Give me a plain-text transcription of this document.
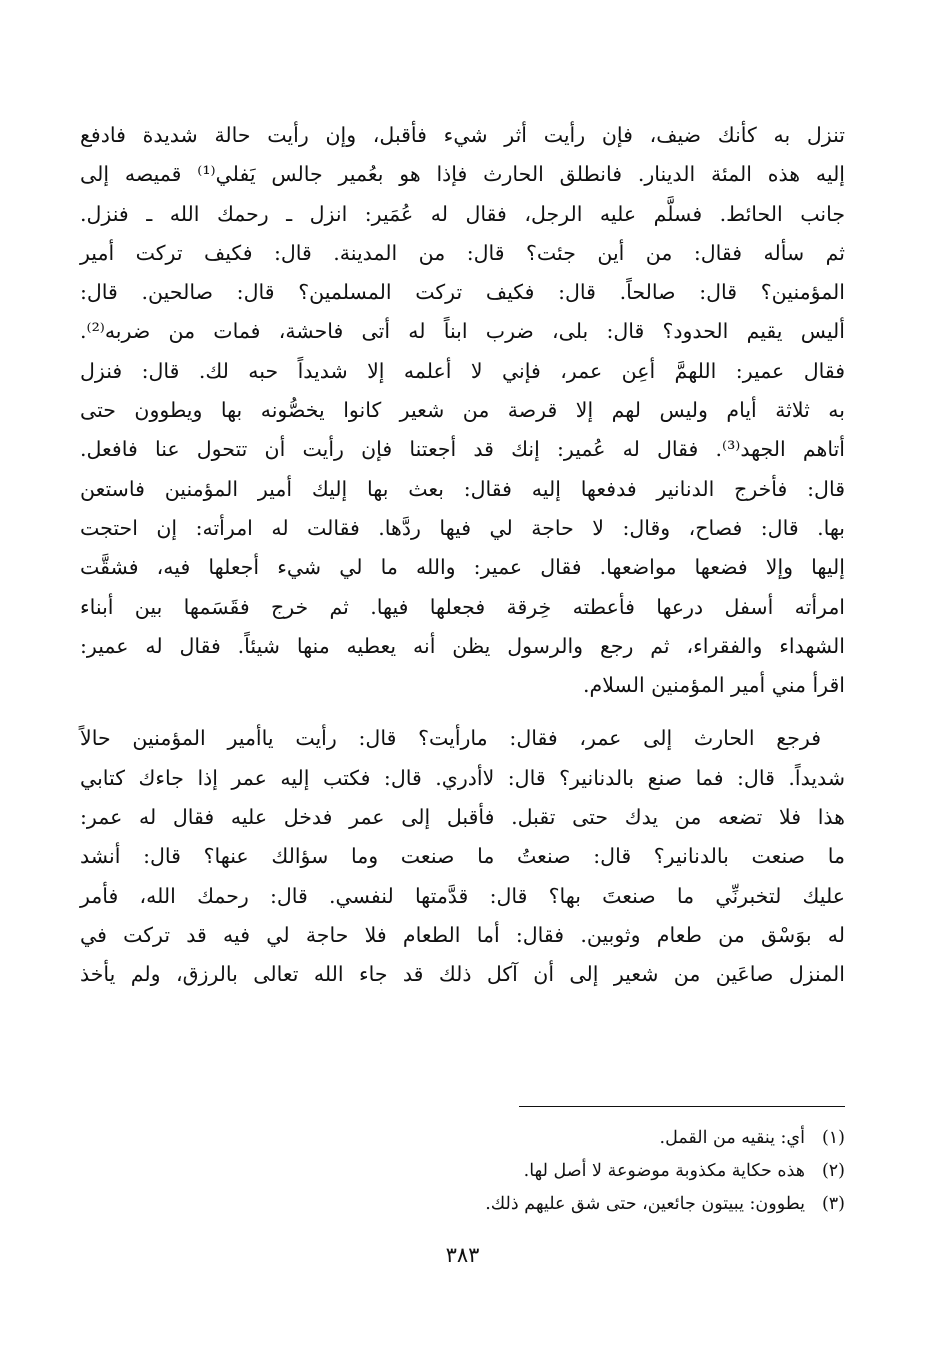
تنزل به كأنك ضيف، فإن رأيت أثر شيء فأقبل، وإن رأيت حالة شديدة فادفع
إليه هذه المئة الدينار. فانطلق الحارث فإذا هو بعُمير جالس يَفلي⁽¹⁾ قميصه إلى
جانب الحائط. فسلَّم عليه الرجل، فقال له عُمَير: انزل ـ رحمك الله ـ فنزل.
ثم سأله فقال: من أين جئت؟ قال: من المدينة. قال: فكيف تركت أمير
المؤمنين؟ قال: صالحاً. قال: فكيف تركت المسلمين؟ قال: صالحين. قال:
أليس يقيم الحدود؟ قال: بلى، ضرب ابناً له أتى فاحشة، فمات من ضربه⁽²⁾.
فقال عمير: اللهمَّ أعِن عمر، فإني لا أعلمه إلا شديداً حبه لك. قال: فنزل
به ثلاثة أيام وليس لهم إلا قرصة من شعير كانوا يخصُّونه بها ويطوون حتى
أتاهم الجهد⁽³⁾. فقال له عُمير: إنك قد أجعتنا فإن رأيت أن تتحول عنا فافعل.
قال: فأخرج الدنانير فدفعها إليه فقال: بعث بها إليك أمير المؤمنين فاستعن
بها. قال: فصاح، وقال: لا حاجة لي فيها ردَّها. فقالت له امرأته: إن احتجت
إليها وإلا فضعها مواضعها. فقال عمير: والله ما لي شيء أجعلها فيه، فشقَّت
امرأته أسفل درعها فأعطته خِرقة فجعلها فيها. ثم خرج فقَسَمها بين أبناء
الشهداء والفقراء، ثم رجع والرسول يظن أنه يعطيه منها شيئاً. فقال له عمير:
اقرأ مني أمير المؤمنين السلام.
فرجع الحارث إلى عمر، فقال: مارأيت؟ قال: رأيت ياأمير المؤمنين حالاً
شديداً. قال: فما صنع بالدنانير؟ قال: لاأدري. قال: فكتب إليه عمر إذا جاءك كتابي
هذا فلا تضعه من يدك حتى تقبل. فأقبل إلى عمر فدخل عليه فقال له عمر:
ما صنعت بالدنانير؟ قال: صنعتُ ما صنعت وما سؤالك عنها؟ قال: أنشد
عليك لتخبرنِّي ما صنعتَ بها؟ قال: قدَّمتها لنفسي. قال: رحمك الله، فأمر
له بوَسْق من طعام وثوبين. فقال: أما الطعام فلا حاجة لي فيه قد تركت في
المنزل صاعَين من شعير إلى أن آكل ذلك قد جاء الله تعالى بالرزق، ولم يأخذ
(١)
أي: ينقيه من القمل.
(٢)
هذه حكاية مكذوبة موضوعة لا أصل لها.
(٣)
يطوون: يبيتون جائعين، حتى شق عليهم ذلك.
٣٨٣
